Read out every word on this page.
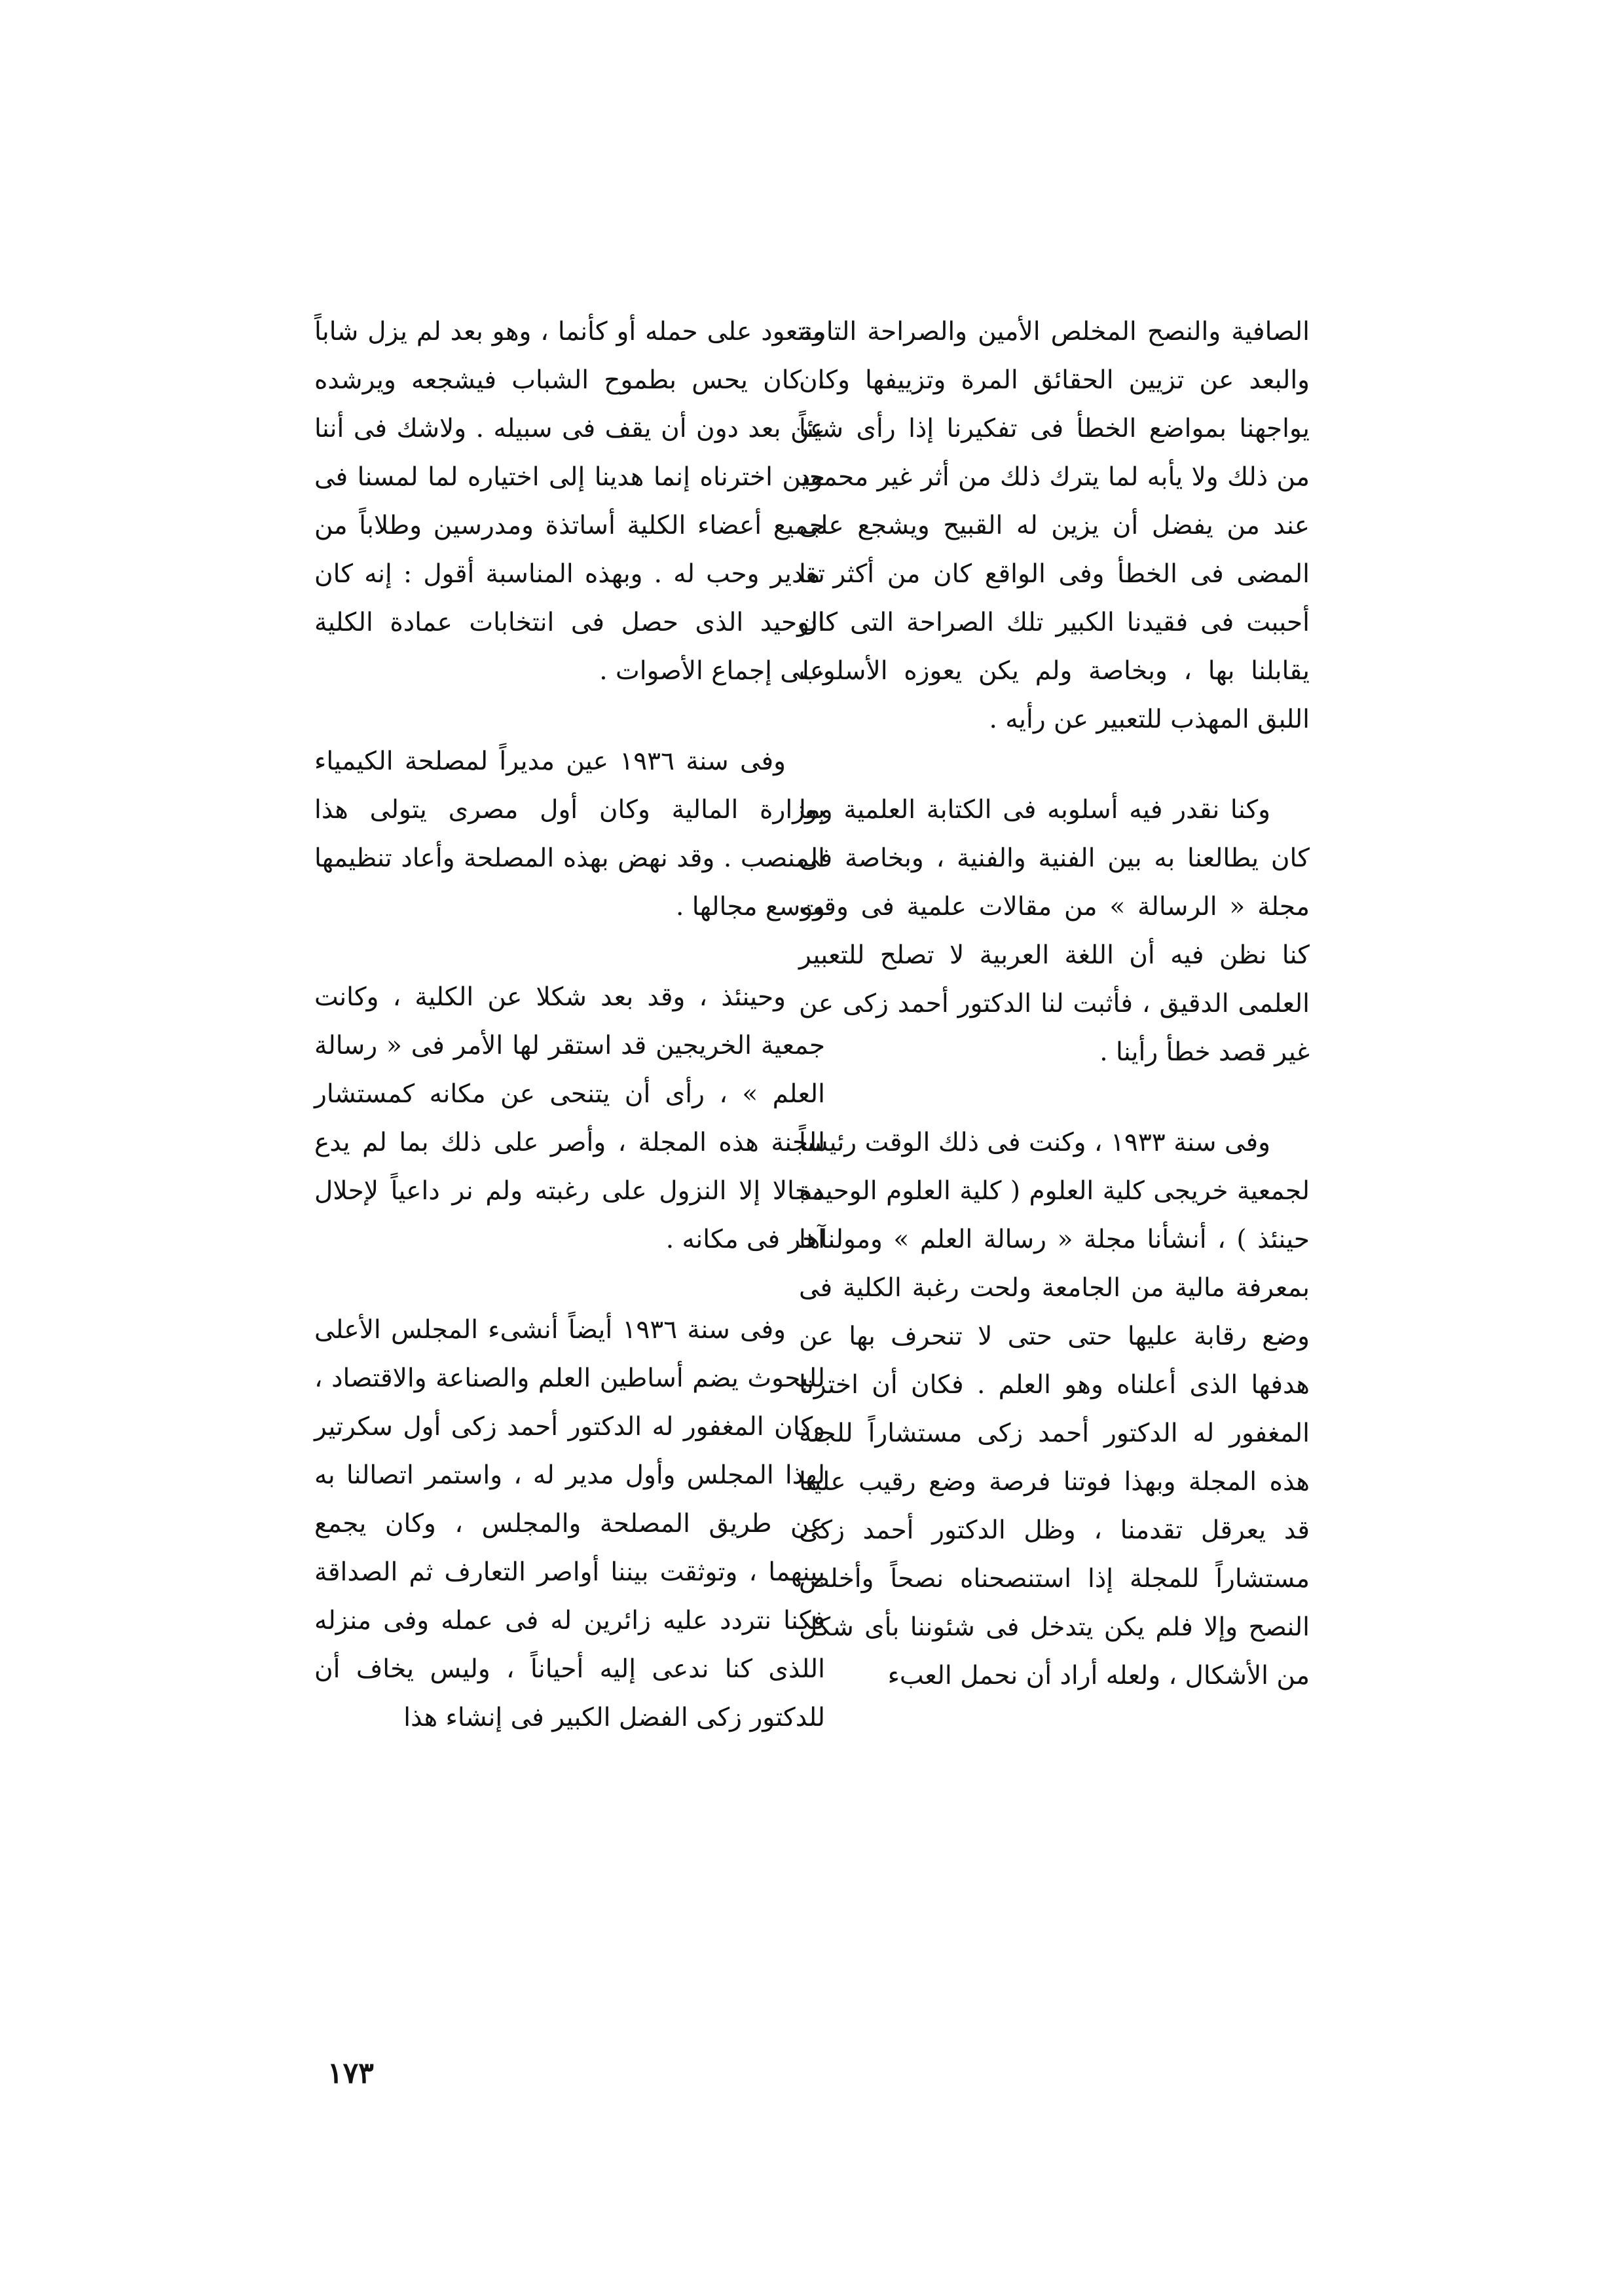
الصافية والنصح المخلص الأمين والصراحة التامة والبعد عن تزيين الحقائق المرة وتزييفها وكان يواجهنا بمواضع الخطأ فى تفكيرنا إذا رأى شيئاً من ذلك ولا يأبه لما يترك ذلك من أثر غير محمود عند من يفضل أن يزين له القبيح ويشجع على المضى فى الخطأ وفى الواقع كان من أكثر ما أحببت فى فقيدنا الكبير تلك الصراحة التى كان يقابلنا بها ، وبخاصة ولم يكن يعوزه الأسلوب اللبق المهذب للتعبير عن رأيه .

وكنا نقدر فيه أسلوبه فى الكتابة العلمية وما كان يطالعنا به بين الفنية والفنية ، وبخاصة فى مجلة « الرسالة » من مقالات علمية فى وقت كنا نظن فيه أن اللغة العربية لا تصلح للتعبير العلمى الدقيق ، فأثبت لنا الدكتور أحمد زكى عن غير قصد خطأ رأينا .

وفى سنة ١٩٣٣ ، وكنت فى ذلك الوقت رئيساً لجمعية خريجى كلية العلوم ( كلية العلوم الوحيدة حينئذ ) ، أنشأنا مجلة « رسالة العلم » ومولناها بمعرفة مالية من الجامعة ولحت رغبة الكلية فى وضع رقابة عليها حتى حتى لا تنحرف بها عن هدفها الذى أعلناه وهو العلم . فكان أن اخترنا المغفور له الدكتور أحمد زكى مستشاراً للجنة هذه المجلة وبهذا فوتنا فرصة وضع رقيب علينا قد يعرقل تقدمنا ، وظل الدكتور أحمد زكى مستشاراً للمجلة إذا استنصحناه نصحاً وأخلص النصح وإلا فلم يكن يتدخل فى شئوننا بأى شكل من الأشكال ، ولعله أراد أن نحمل العبء

ونتعود على حمله أو كأنما ، وهو بعد لم يزل شاباً ، كان يحس بطموح الشباب فيشجعه ويرشده عن بعد دون أن يقف فى سبيله . ولاشك فى أننا حين اخترناه إنما هدينا إلى اختياره لما لمسنا فى جميع أعضاء الكلية أساتذة ومدرسين وطلاباً من تقدير وحب له . وبهذه المناسبة أقول : إنه كان الوحيد الذى حصل فى انتخابات عمادة الكلية على إجماع الأصوات .

وفى سنة ١٩٣٦ عين مديراً لمصلحة الكيمياء بوزارة المالية وكان أول مصرى يتولى هذا المنصب . وقد نهض بهذه المصلحة وأعاد تنظيمها ووسع مجالها .

وحينئذ ، وقد بعد شكلا عن الكلية ، وكانت جمعية الخريجين قد استقر لها الأمر فى « رسالة العلم » ، رأى أن يتنحى عن مكانه كمستشار للجنة هذه المجلة ، وأصر على ذلك بما لم يدع مجالا إلا النزول على رغبته ولم نر داعياً لإحلال آخر فى مكانه .

وفى سنة ١٩٣٦ أيضاً أنشىء المجلس الأعلى للبحوث يضم أساطين العلم والصناعة والاقتصاد ، وكان المغفور له الدكتور أحمد زكى أول سكرتير لهذا المجلس وأول مدير له ، واستمر اتصالنا به عن طريق المصلحة والمجلس ، وكان يجمع بينهما ، وتوثقت بيننا أواصر التعارف ثم الصداقة فكنا نتردد عليه زائرين له فى عمله وفى منزله اللذى كنا ندعى إليه أحياناً ، وليس يخاف أن للدكتور زكى الفضل الكبير فى إنشاء هذا

١٧٣
